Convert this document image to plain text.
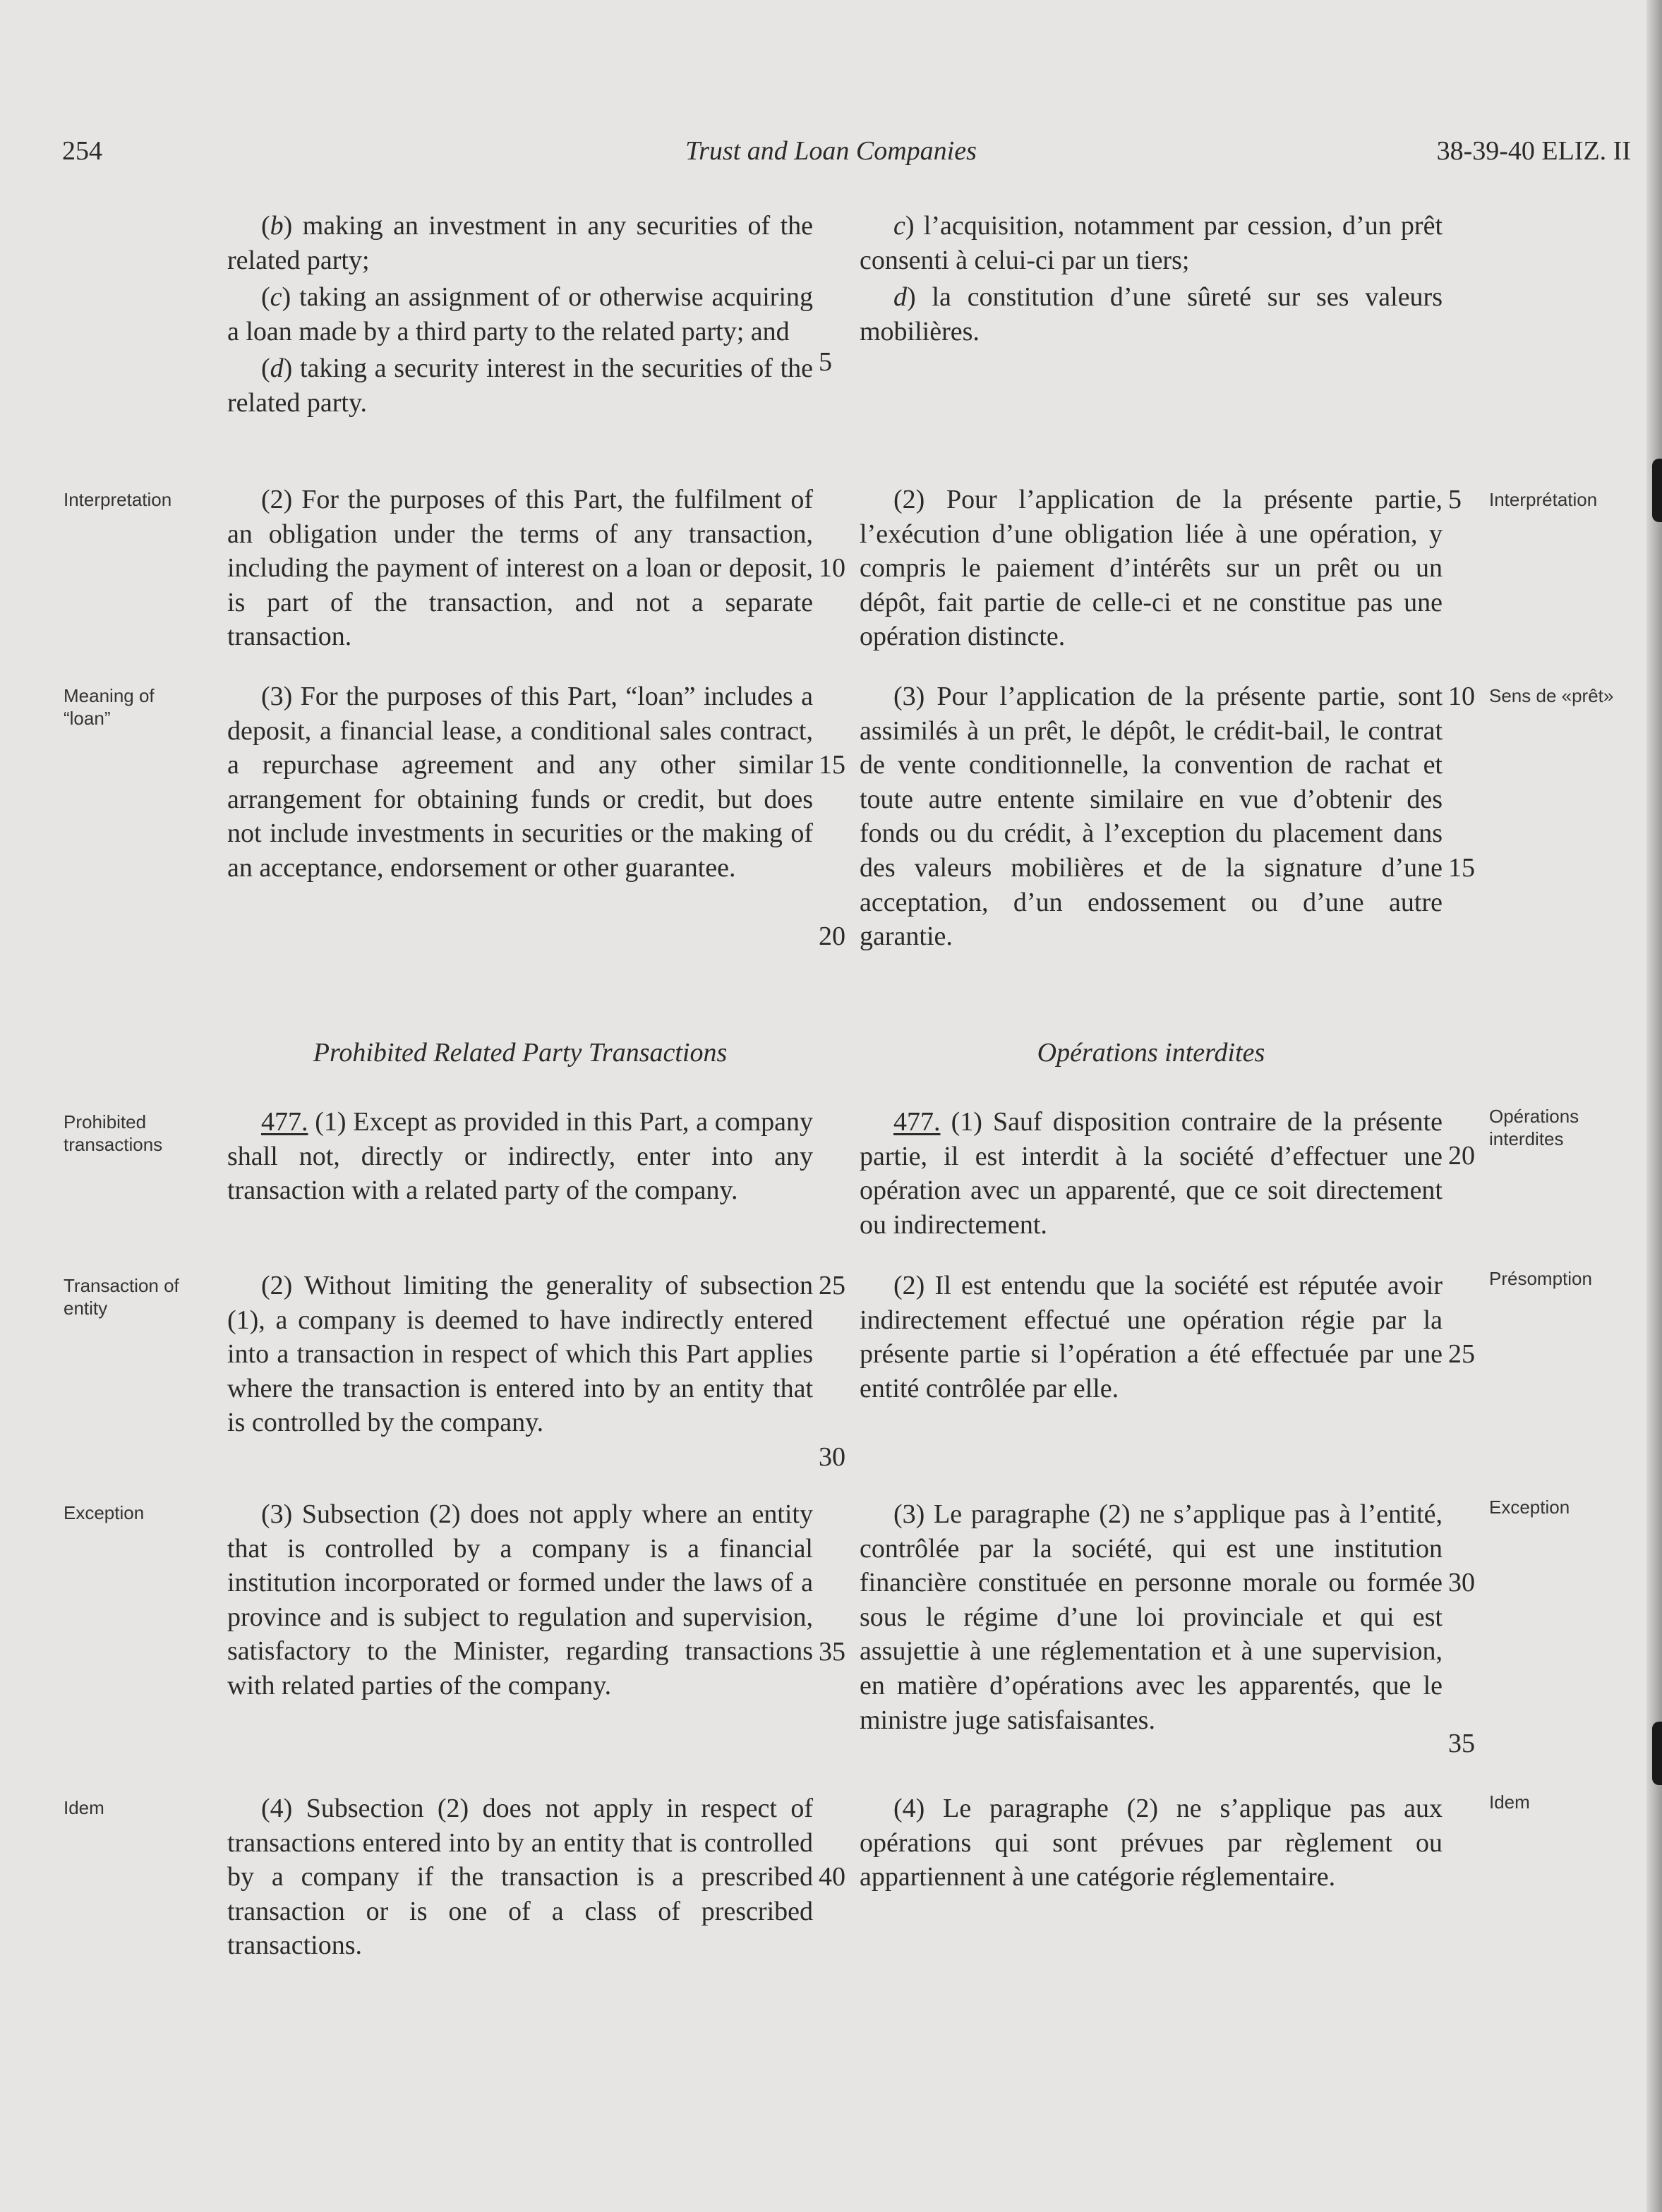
Trust and Loan Companies
254	38-39-40 ELIZ. II

(b) making an investment in any securities of the related party;

(c) taking an assignment of or otherwise acquiring a loan made by a third party to the related party; and

(d) taking a security interest in the securities of the related party.

(2) For the purposes of this Part, the fulfilment of an obligation under the terms of any transaction, including the payment of interest on a loan or deposit, is part of the transaction, and not a separate transaction.

(3) For the purposes of this Part, “loan” includes a deposit, a financial lease, a conditional sales contract, a repurchase agreement and any other similar arrangement for obtaining funds or credit, but does not include investments in securities or the making of an acceptance, endorsement or other guarantee.

Prohibited Related Party Transactions

477. (1) Except as provided in this Part, a company shall not, directly or indirectly, enter into any transaction with a related party of the company.

(2) Without limiting the generality of subsection (1), a company is deemed to have indirectly entered into a transaction in respect of which this Part applies where the transaction is entered into by an entity that is controlled by the company.

(3) Subsection (2) does not apply where an entity that is controlled by a company is a financial institution incorporated or formed under the laws of a province and is subject to regulation and supervision, satisfactory to the Minister, regarding transactions with related parties of the company.

(4) Subsection (2) does not apply in respect of transactions entered into by an entity that is controlled by a company if the transaction is a prescribed transaction or is one of a class of prescribed transactions.

c) l’acquisition, notamment par cession, d’un prêt consenti à celui-ci par un tiers;

d) la constitution d’une sûreté sur ses valeurs mobilières.

(2) Pour l’application de la présente partie, l’exécution d’une obligation liée à une opération, y compris le paiement d’intérêts sur un prêt ou un dépôt, fait partie de celle-ci et ne constitue pas une opération distincte.

(3) Pour l’application de la présente partie, sont assimilés à un prêt, le dépôt, le crédit-bail, le contrat de vente conditionnelle, la convention de rachat et toute autre entente similaire en vue d’obtenir des fonds ou du crédit, à l’exception du placement dans des valeurs mobilières et de la signature d’une acceptation, d’un endossement ou d’une autre garantie.

Opérations interdites

477. (1) Sauf disposition contraire de la présente partie, il est interdit à la société d’effectuer une opération avec un apparenté, que ce soit directement ou indirectement.

(2) Il est entendu que la société est réputée avoir indirectement effectué une opération régie par la présente partie si l’opération a été effectuée par une entité contrôlée par elle.

(3) Le paragraphe (2) ne s’applique pas à l’entité, contrôlée par la société, qui est une institution financière constituée en personne morale ou formée sous le régime d’une loi provinciale et qui est assujettie à une réglementation et à une supervision, en matière d’opérations avec les apparentés, que le ministre juge satisfaisantes.

(4) Le paragraphe (2) ne s’applique pas aux opérations qui sont prévues par règlement ou appartiennent à une catégorie réglementaire.

Interpretation
Meaning of “loan”
Prohibited transactions
Transaction of entity
Exception
Idem
Interprétation
Sens de «prêt»
Opérations interdites
Présomption
Exception
Idem
5
10
15
20
25
30
35
40
5
10
15
20
25
30
35
